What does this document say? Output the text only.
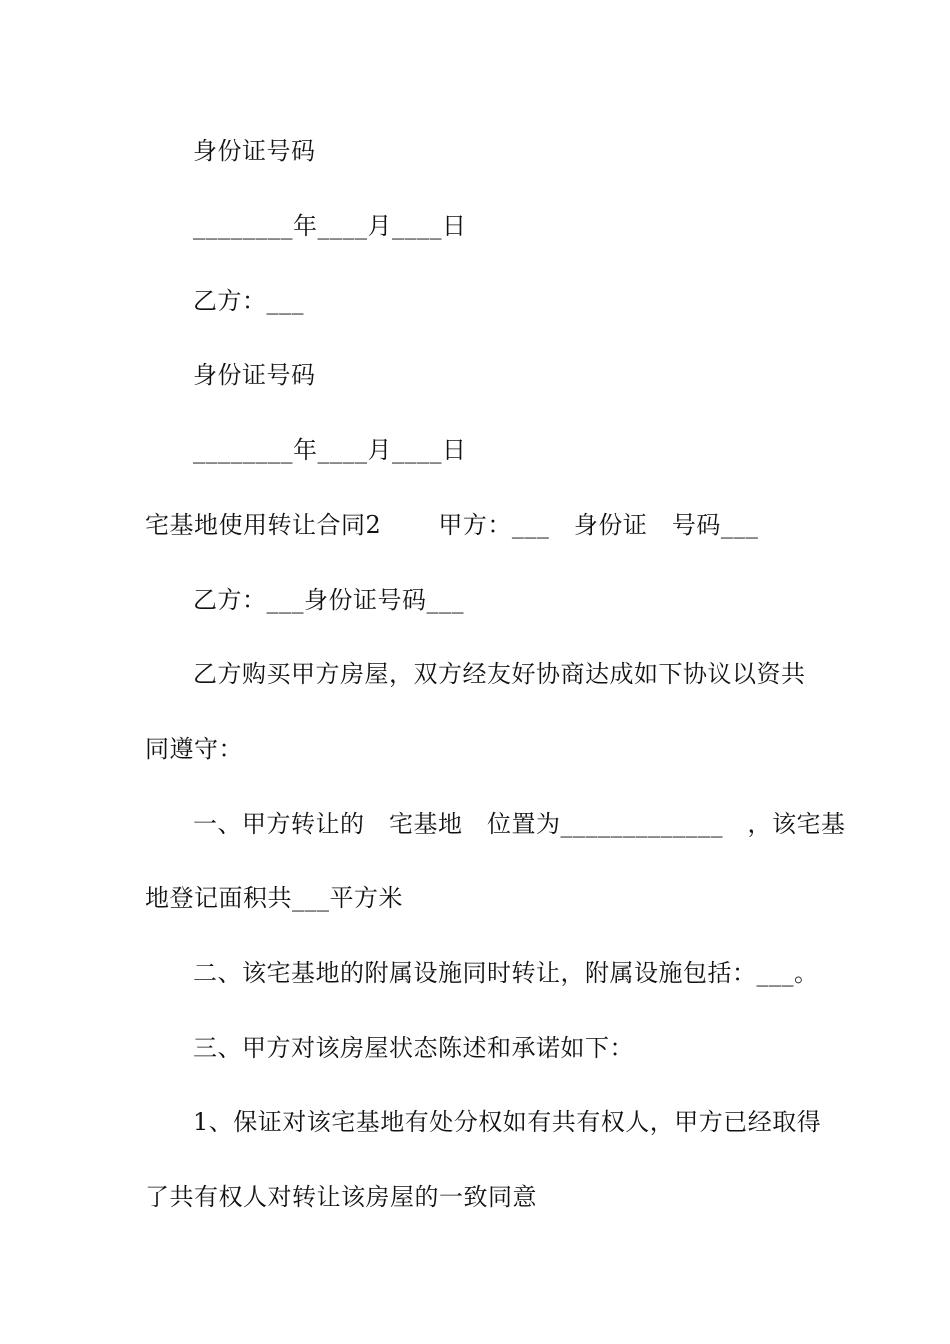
身份证号码
________年____月____日
乙方：___
身份证号码
________年____月____日
宅基地使用转让合同2　　 甲方：___　身份证　号码___
乙方：___身份证号码___
乙方购买甲方房屋，双方经友好协商达成如下协议以资共
同遵守：
一、甲方转让的　宅基地　位置为_____________　，该宅基
地登记面积共___平方米
二、该宅基地的附属设施同时转让，附属设施包括：___。
三、甲方对该房屋状态陈述和承诺如下：
1、保证对该宅基地有处分权如有共有权人，甲方已经取得
了共有权人对转让该房屋的一致同意
